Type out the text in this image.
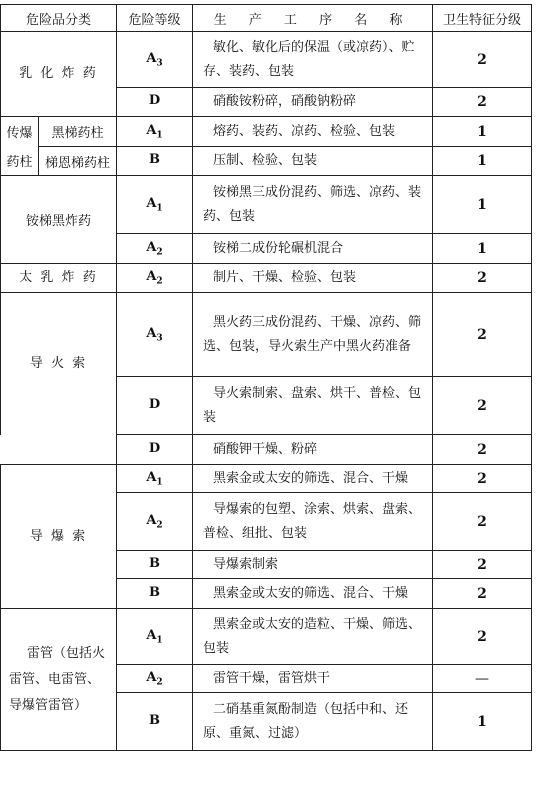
危险品分类		危险等级	生 产 工 序 名 称	卫生特征分级
乳 化 炸 药		$A_3$	敏化、敏化后的保温（或凉药）、贮存、装药、包装	2
		D	硝酸铵粉碎，硝酸钠粉碎	2
传爆	黑梯药柱	$A_1$	熔药、装药、凉药、检验、包装	1
药柱	梯恩梯药柱	B	压制、检验、包装	1
铵梯黑炸药		$A_1$	铵梯黑三成份混药、筛选、凉药、装药、包装	1
		$A_2$	铵梯二成份轮碾机混合	1
太 乳 炸 药		$A_2$	制片、干燥、检验、包装	2
导 火 索		$A_3$	黑火药三成份混药、干燥、凉药、筛选、包装，导火索生产中黑火药准备	2
		D	导火索制索、盘索、烘干、普检、包装	2
		D	硝酸钾干燥、粉碎	2
导 爆 索		$A_1$	黑索金或太安的筛选、混合、干燥	2
		$A_2$	导爆索的包塑、涂索、烘索、盘索、普检、组批、包装	2
		B	导爆索制索	2
		B	黑索金或太安的筛选、混合、干燥	2
雷管（包括火雷管、电雷管、导爆管雷管）		$A_1$	黑索金或太安的造粒、干燥、筛选、包装	2
		$A_2$	雷管干燥，雷管烘干	—
		B	二硝基重氮酚制造（包括中和、还原、重氮、过滤）	1
